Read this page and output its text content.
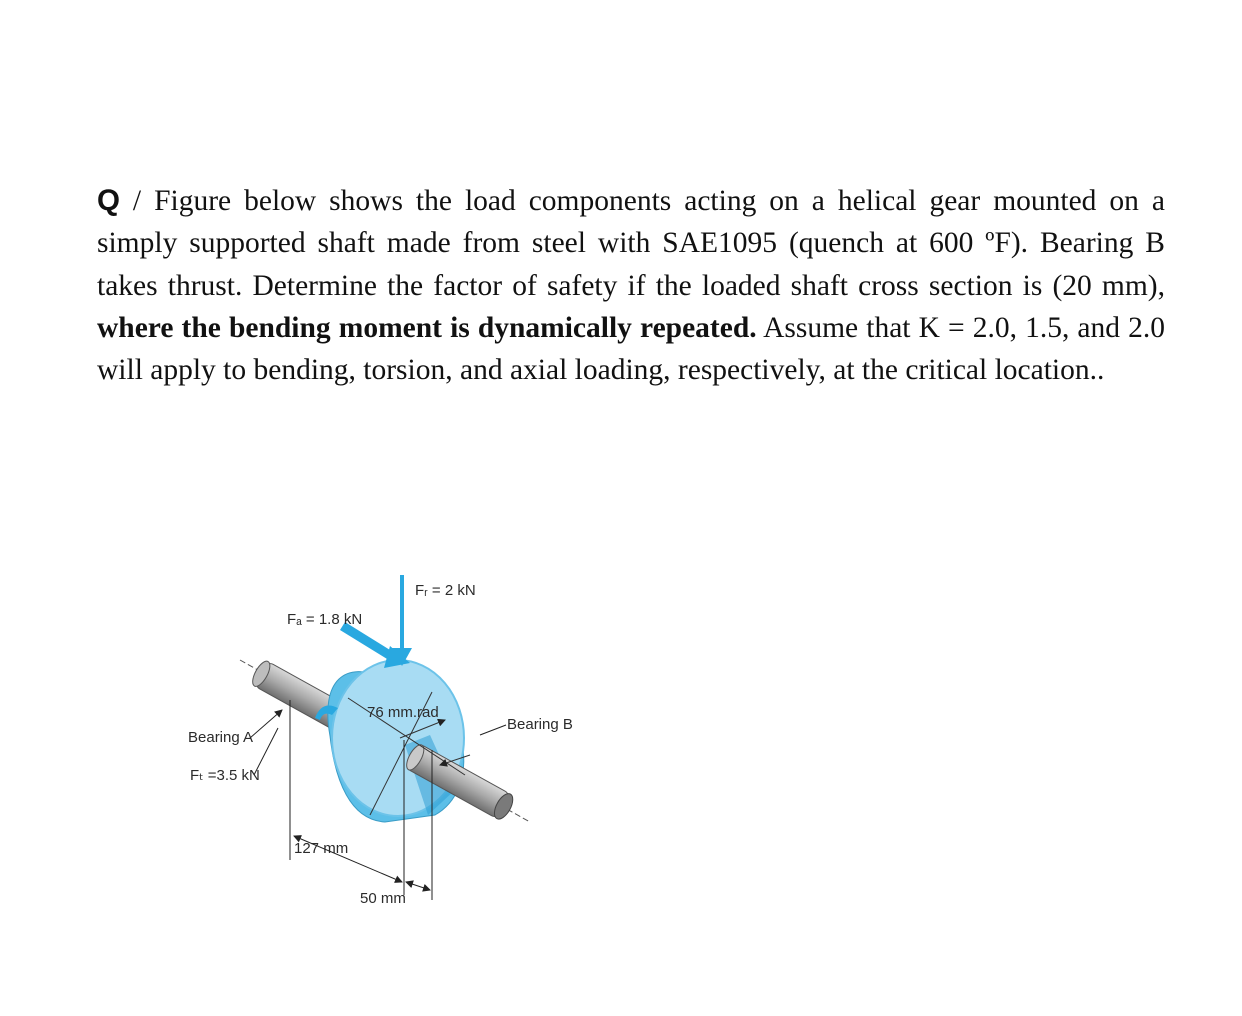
Q / Figure below shows the load components acting on a helical gear mounted on a simply supported shaft made from steel with SAE1095 (quench at 600 ºF). Bearing B takes thrust. Determine the factor of safety if the loaded shaft cross section is (20 mm), where the bending moment is dynamically repeated. Assume that K = 2.0, 1.5, and 2.0 will apply to bending, torsion, and axial loading, respectively, at the critical location..
Fᵣ = 2 kN
Fₐ = 1.8 kN
76 mm.rad
Bearing B
Bearing A
Fₜ =3.5 kN
127 mm
50 mm
